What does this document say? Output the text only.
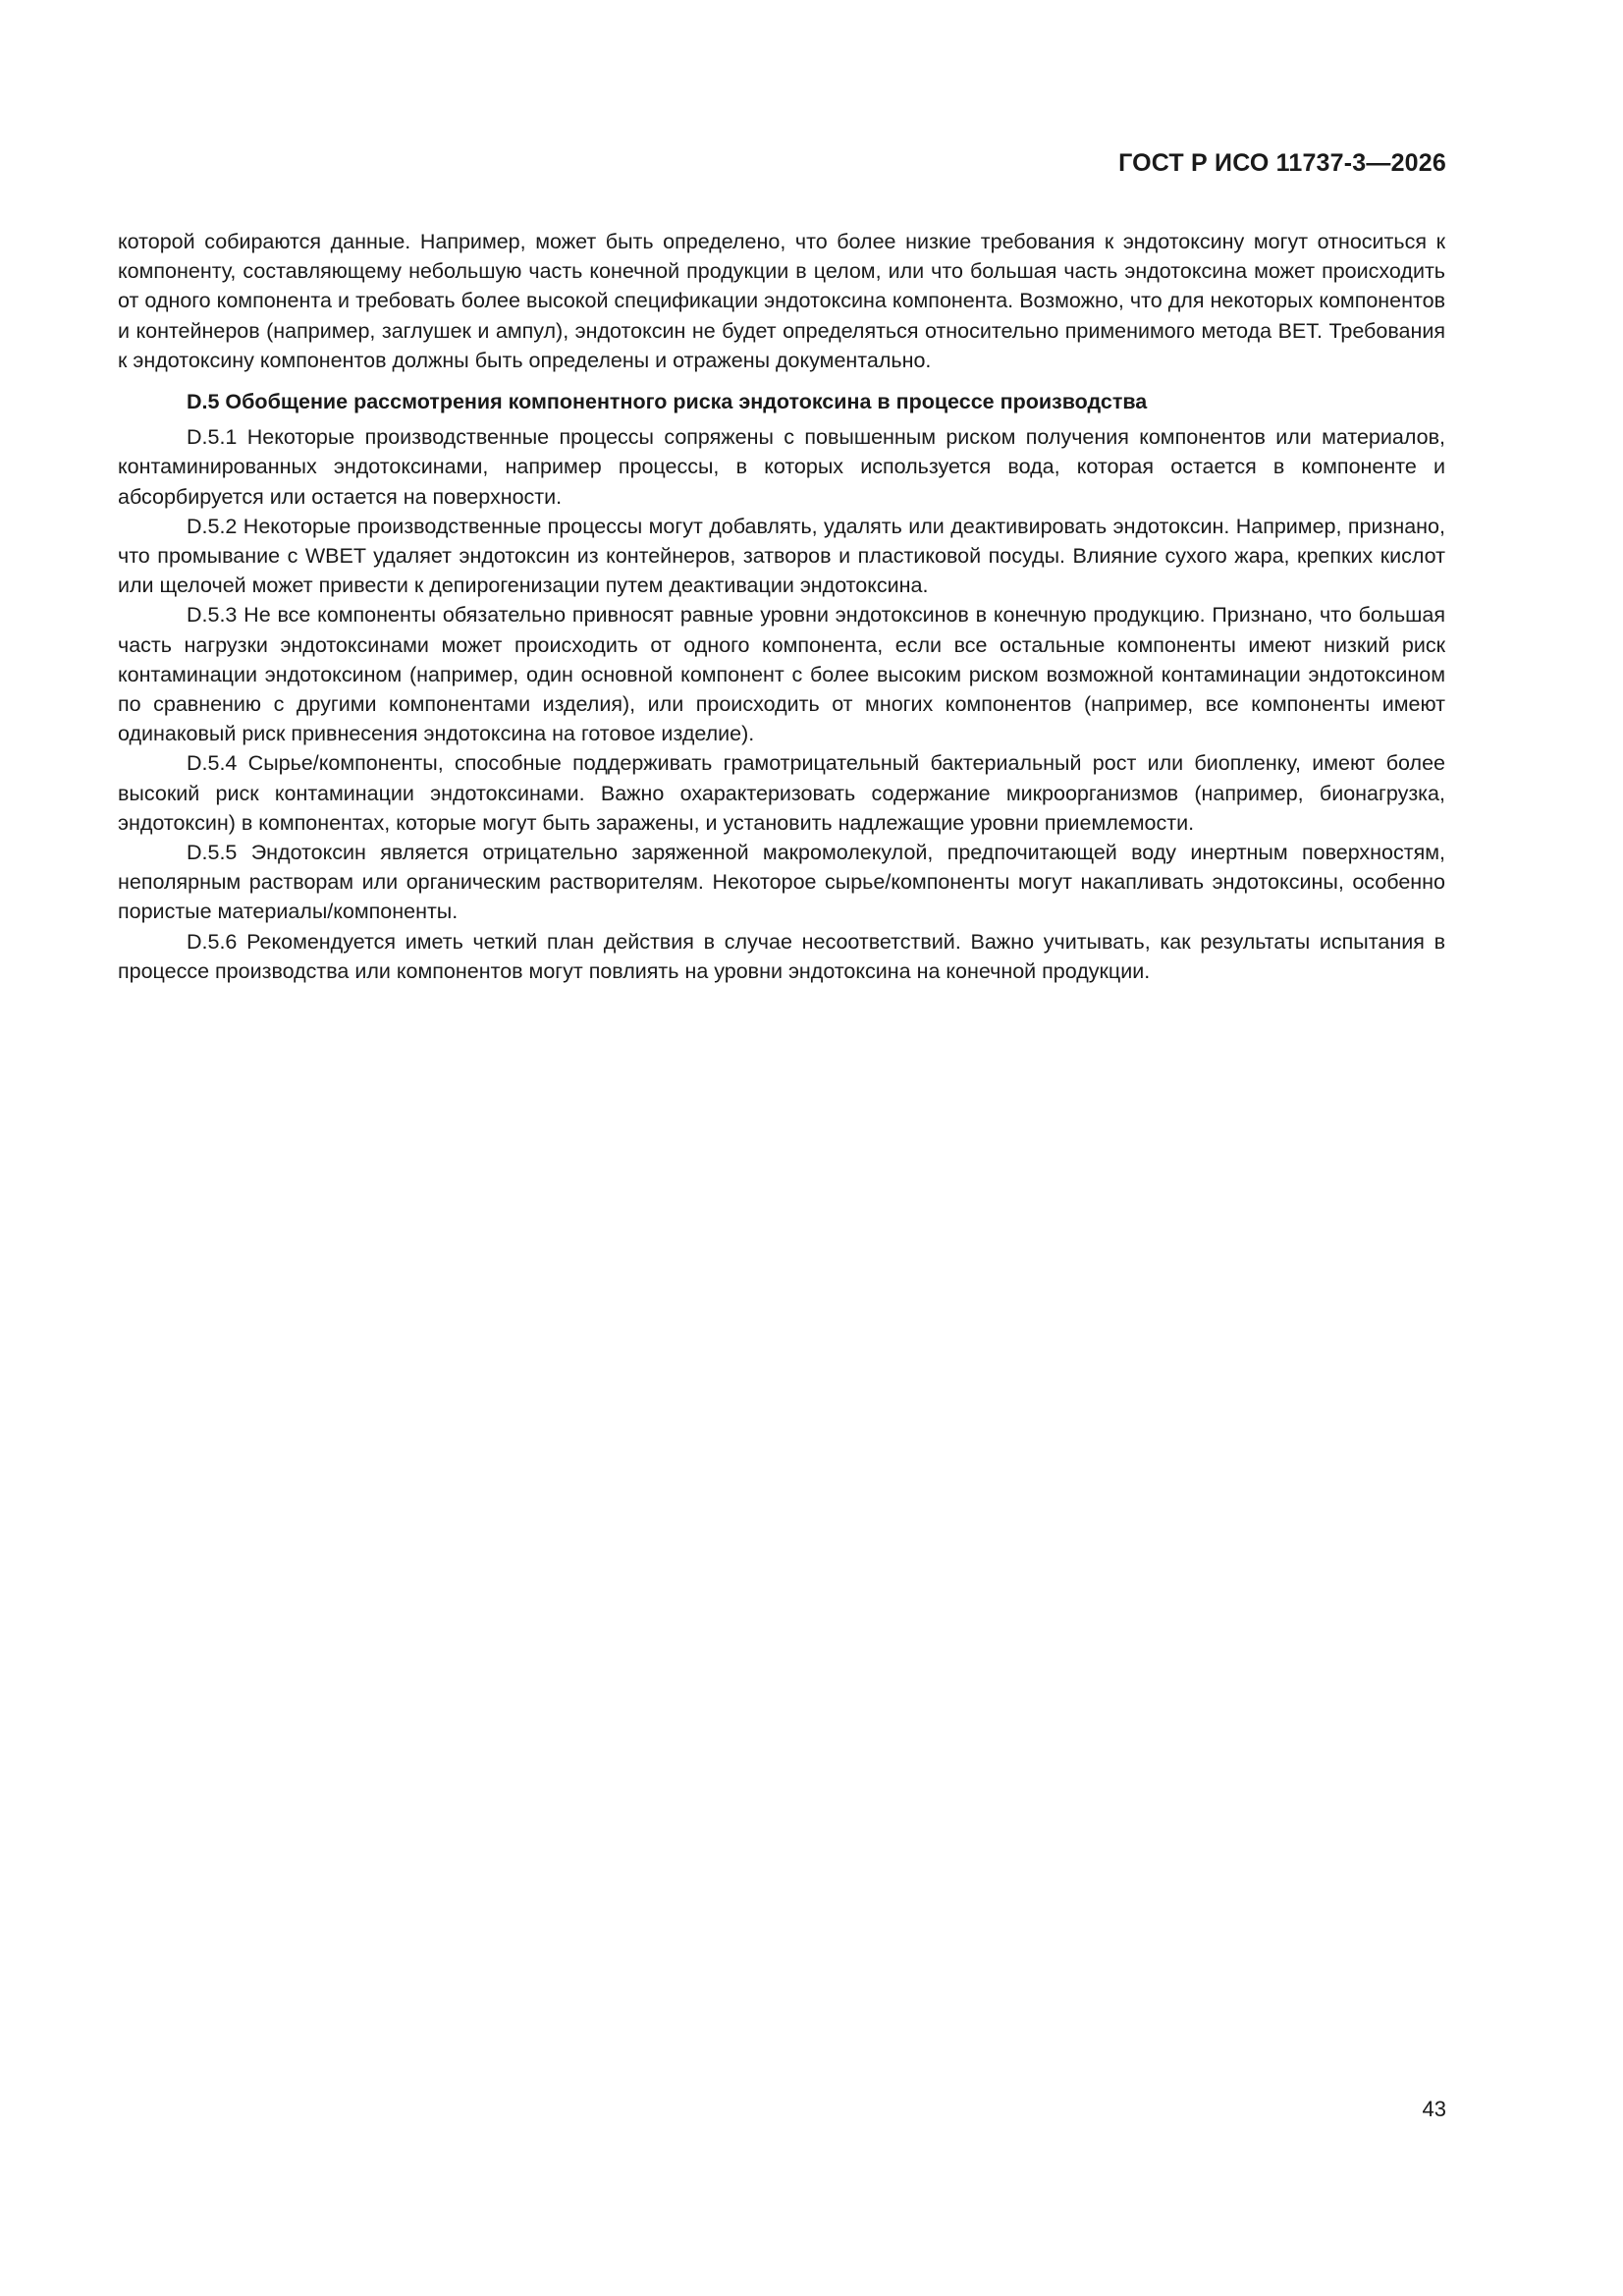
ГОСТ Р ИСО 11737-3—2026

которой собираются данные. Например, может быть определено, что более низкие требования к эндотоксину могут относиться к компоненту, составляющему небольшую часть конечной продукции в целом, или что большая часть эндотоксина может происходить от одного компонента и требовать более высокой спецификации эндотоксина компонента. Возможно, что для некоторых компонентов и контейнеров (например, заглушек и ампул), эндотоксин не будет определяться относительно применимого метода ВЕТ. Требования к эндотоксину компонентов должны быть определены и отражены документально.

D.5 Обобщение рассмотрения компонентного риска эндотоксина в процессе производства

D.5.1 Некоторые производственные процессы сопряжены с повышенным риском получения компонентов или материалов, контаминированных эндотоксинами, например процессы, в которых используется вода, которая остается в компоненте и абсорбируется или остается на поверхности.

D.5.2 Некоторые производственные процессы могут добавлять, удалять или деактивировать эндотоксин. Например, признано, что промывание с WBET удаляет эндотоксин из контейнеров, затворов и пластиковой посуды. Влияние сухого жара, крепких кислот или щелочей может привести к депирогенизации путем деактивации эндотоксина.

D.5.3 Не все компоненты обязательно привносят равные уровни эндотоксинов в конечную продукцию. Признано, что большая часть нагрузки эндотоксинами может происходить от одного компонента, если все остальные компоненты имеют низкий риск контаминации эндотоксином (например, один основной компонент с более высоким риском возможной контаминации эндотоксином по сравнению с другими компонентами изделия), или происходить от многих компонентов (например, все компоненты имеют одинаковый риск привнесения эндотоксина на готовое изделие).

D.5.4 Сырье/компоненты, способные поддерживать грамотрицательный бактериальный рост или биопленку, имеют более высокий риск контаминации эндотоксинами. Важно охарактеризовать содержание микроорганизмов (например, бионагрузка, эндотоксин) в компонентах, которые могут быть заражены, и установить надлежащие уровни приемлемости.

D.5.5 Эндотоксин является отрицательно заряженной макромолекулой, предпочитающей воду инертным поверхностям, неполярным растворам или органическим растворителям. Некоторое сырье/компоненты могут накапливать эндотоксины, особенно пористые материалы/компоненты.

D.5.6 Рекомендуется иметь четкий план действия в случае несоответствий. Важно учитывать, как результаты испытания в процессе производства или компонентов могут повлиять на уровни эндотоксина на конечной продукции.

43
